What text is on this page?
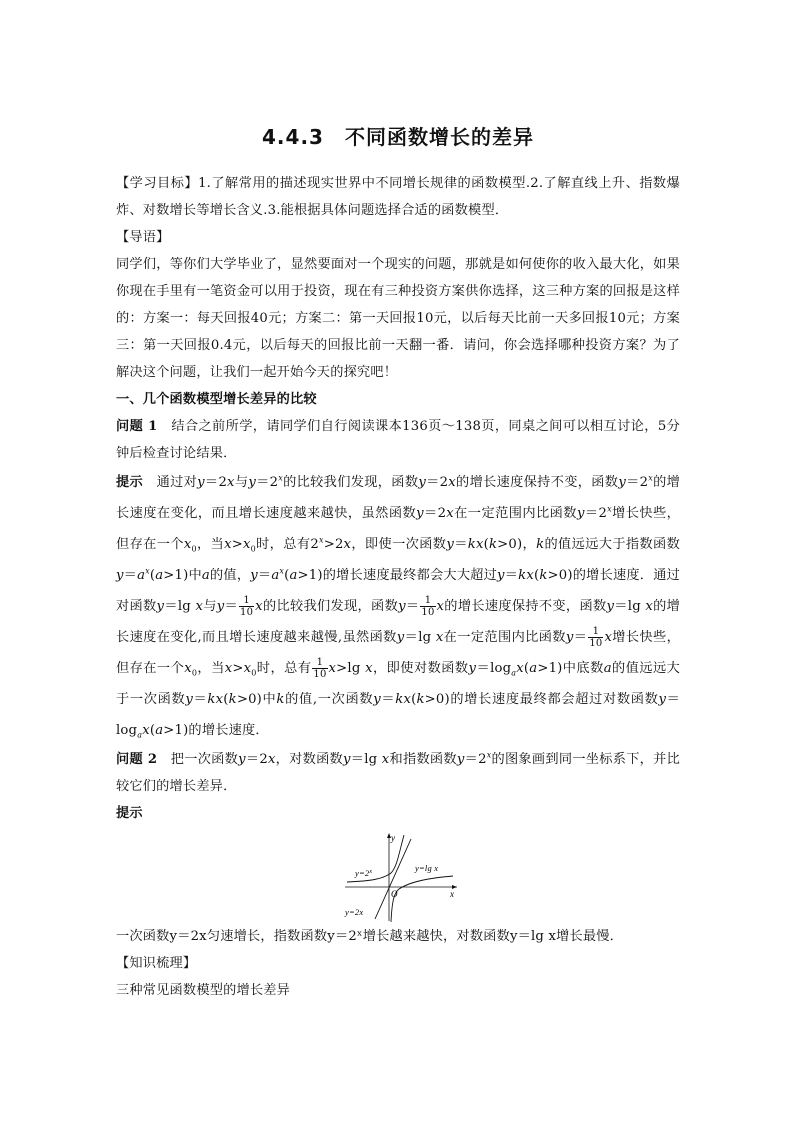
4.4.3　不同函数增长的差异

【学习目标】1.了解常用的描述现实世界中不同增长规律的函数模型.2.了解直线上升、指数爆炸、对数增长等增长含义.3.能根据具体问题选择合适的函数模型．

【导语】

同学们，等你们大学毕业了，显然要面对一个现实的问题，那就是如何使你的收入最大化，如果你现在手里有一笔资金可以用于投资，现在有三种投资方案供你选择，这三种方案的回报是这样的：方案一：每天回报40元；方案二：第一天回报10元，以后每天比前一天多回报10元；方案三：第一天回报0.4元，以后每天的回报比前一天翻一番．请问，你会选择哪种投资方案？为了解决这个问题，让我们一起开始今天的探究吧！

一、几个函数模型增长差异的比较

问题 1　 结合之前所学，请同学们自行阅读课本136页～138页，同桌之间可以相互讨论，5分钟后检查讨论结果．

提示　通过对y＝2x与$y=2^x$的比较我们发现，函数y＝2x的增长速度保持不变，函数$y=2^x$的增长速度在变化，而且增长速度越来越快，虽然函数y＝2x在一定范围内比函数$y=2^x$增长快些，但存在一个$x_0$，当$x>x_0$时，总有$2^x>2x$，即使一次函数y＝kx(k>0)，k的值远远大于指数函数$y=a^x(a>1)$中a的值，$y=a^x(a>1)$的增长速度最终都会大大超过y＝kx(k>0)的增长速度．通过对函数y＝lg x与$y= \frac{1}{10}$ x的比较我们发现，函数$y= \frac{1}{10}$ x的增长速度保持不变，函数y＝lg x的增长速度在变化,而且增长速度越来越慢,虽然函数y＝lg x在一定范围内比函数$y= \frac{1}{10}$ x增长快些，但存在一个$x_0$，当$x>x_0$时，总有 $\frac{1}{10} x>\lg$ x，即使对数函数$y=\log_ax(a>1)$中底数a的值远远大于一次函数y＝kx(k>0)中k的值,一次函数y＝kx(k>0)的增长速度最终都会超过对数函数$y=\log_ax(a>1)$的增长速度．

问题 2　 把一次函数y＝2x，对数函数y＝lg x和指数函数$y=2^x$的图象画到同一坐标系下，并比较它们的增长差异．

提示

y
x
O
$y=2^x$	y=lg x
y=2x

一次函数y＝2x匀速增长，指数函数y＝2ˣ增长越来越快，对数函数y＝lg x增长最慢．

【知识梳理】

三种常见函数模型的增长差异
